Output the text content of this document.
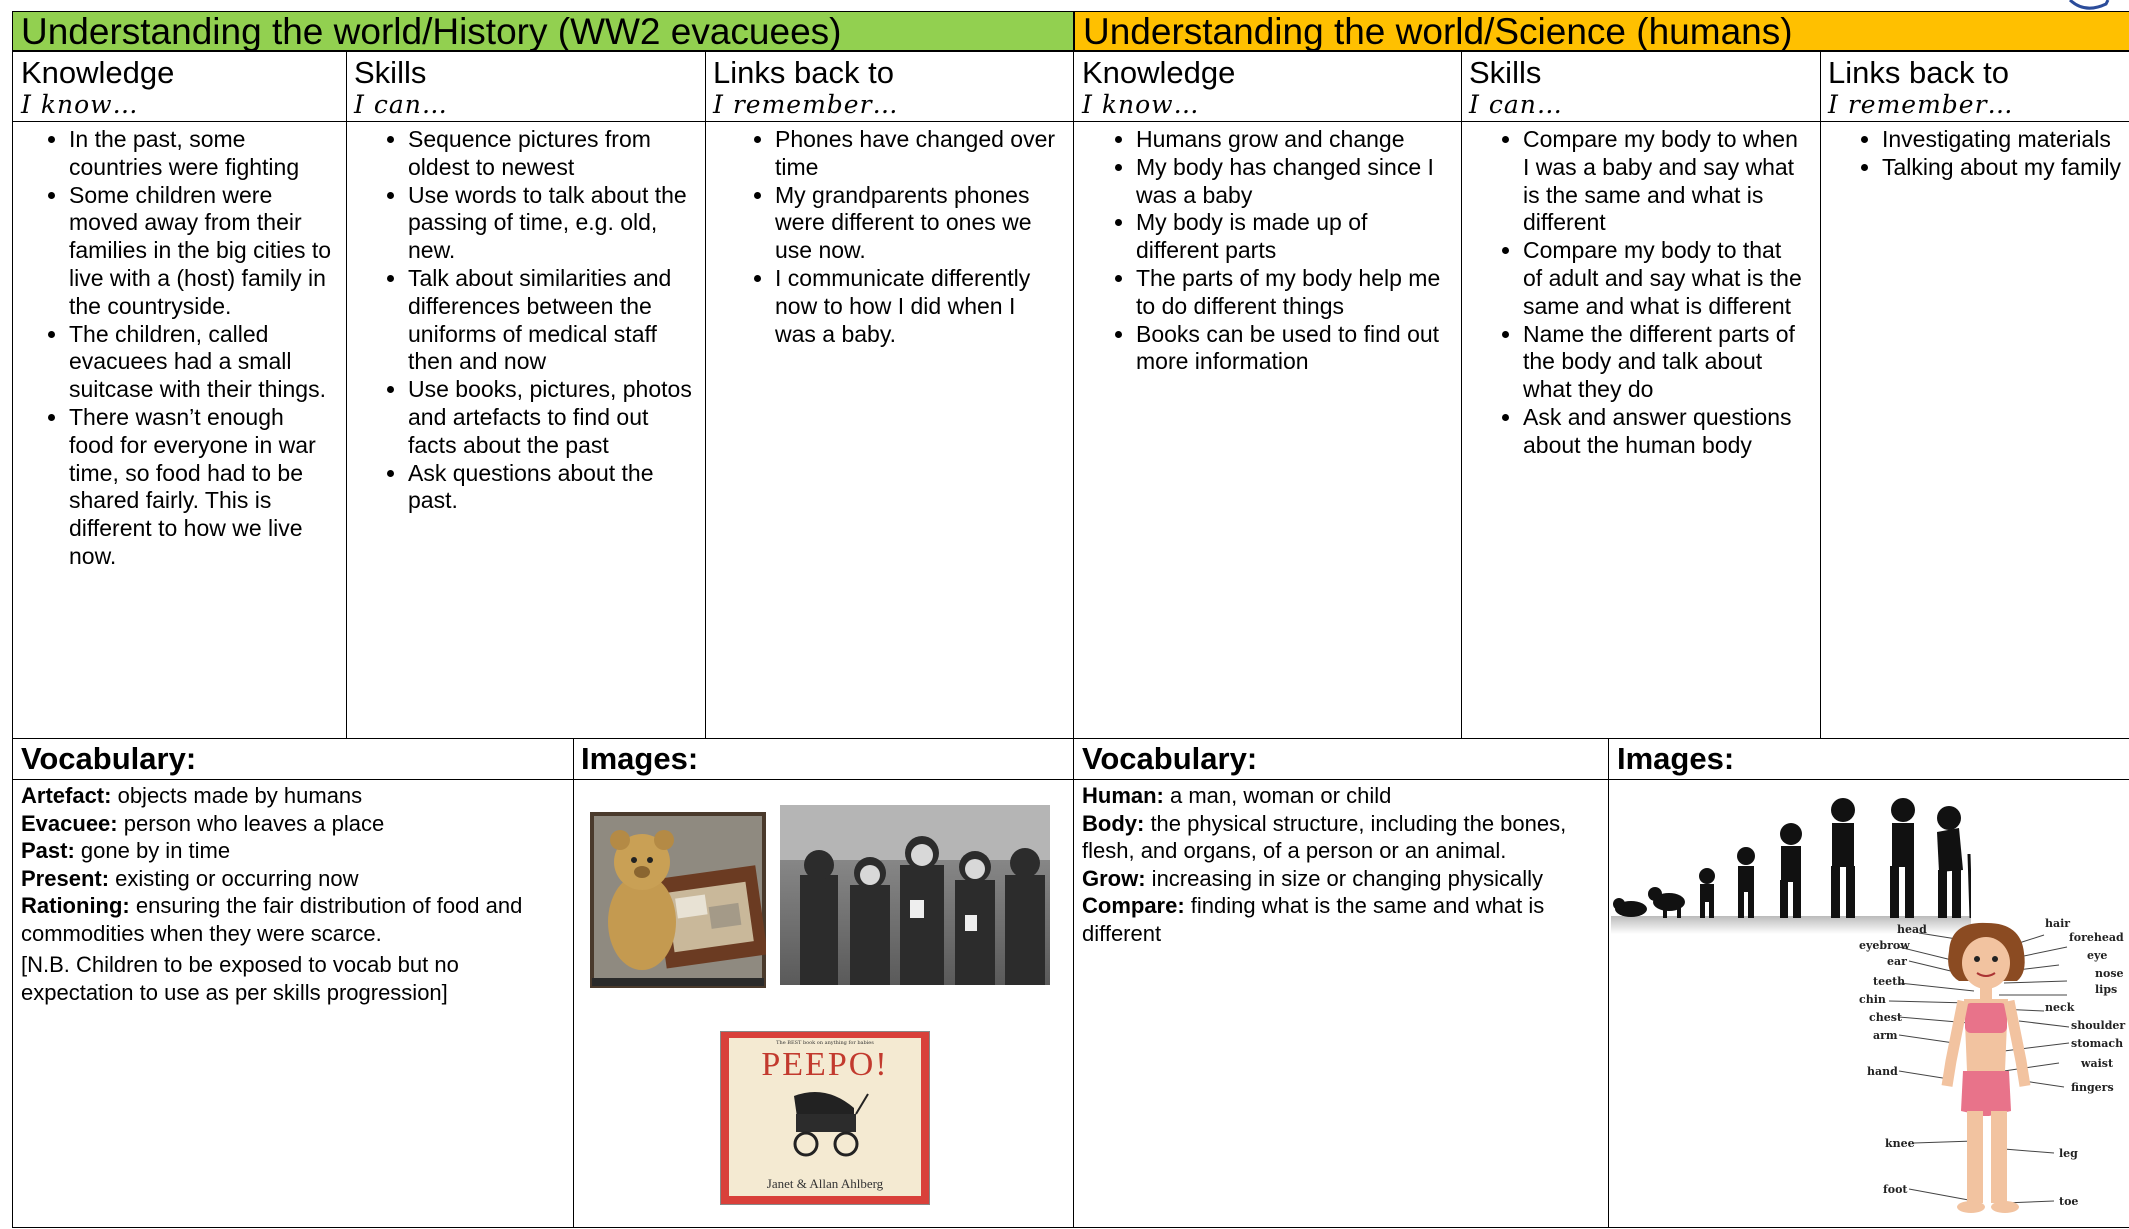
Understanding the world/History (WW2 evacuees)	Understanding the world/Science (humans)
Knowledge
I know…
• In the past, some countries were fighting
• Some children were moved away from their families in the big cities to live with a (host) family in the countryside.
• The children, called evacuees had a small suitcase with their things.
• There wasn’t enough food for everyone in war time, so food had to be shared fairly. This is different to how we live now.
Skills
I can…
• Sequence pictures from oldest to newest
• Use words to talk about the passing of time, e.g. old, new.
• Talk about similarities and differences between the uniforms of medical staff then and now
• Use books, pictures, photos and artefacts to find out facts about the past
• Ask questions about the past.
Links back to
I remember…
• Phones have changed over time
• My grandparents phones were different to ones we use now.
• I communicate differently now to how I did when I was a baby.
Knowledge
I know…
• Humans grow and change
• My body has changed since I was a baby
• My body is made up of different parts
• The parts of my body help me to do different things
• Books can be used to find out more information
Skills
I can…
• Compare my body to when I was a baby and say what is the same and what is different
• Compare my body to that of adult and say what is the same and what is different
• Name the different parts of the body and talk about what they do
• Ask and answer questions about the human body
Links back to
I remember…
• Investigating materials
• Talking about my family
Vocabulary:
Artefact: objects made by humans
Evacuee: person who leaves a place
Past: gone by in time
Present: existing or occurring now
Rationing: ensuring the fair distribution of food and commodities when they were scarce.
[N.B. Children to be exposed to vocab but no expectation to use as per skills progression]
Images:
The BEST book on anything for babies
PEEPO!
Janet & Allan Ahlberg
Vocabulary:
Human: a man, woman or child
Body: the physical structure, including the bones, flesh, and organs, of a person or an animal.
Grow: increasing in size or changing physically
Compare: finding what is the same and what is different
Images:
head
eyebrow
ear
teeth
chin
chest
arm
hand
knee
foot
hair
forehead
eye
nose
lips
neck
shoulder
stomach
waist
fingers
leg
toe
